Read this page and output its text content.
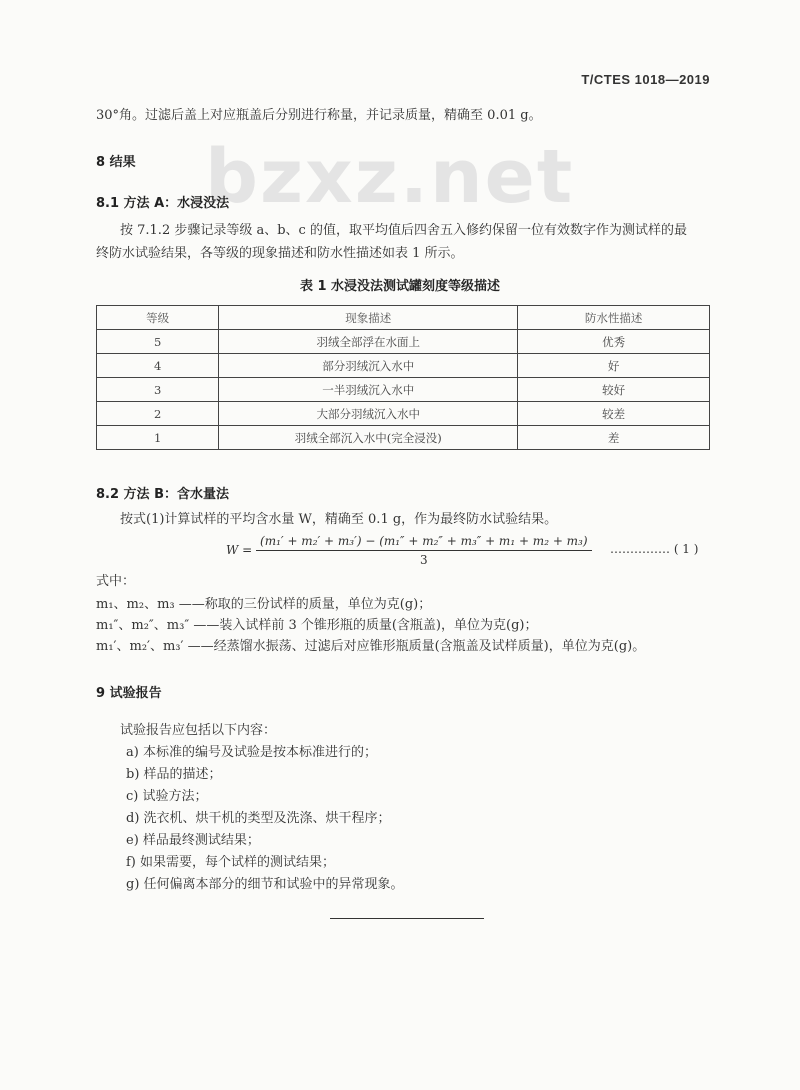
T/CTES 1018—2019
bzxz.net
30°角。过滤后盖上对应瓶盖后分别进行称量，并记录质量，精确至 0.01 g。
8 结果
8.1 方法 A：水浸没法
按 7.1.2 步骤记录等级 a、b、c 的值，取平均值后四舍五入修约保留一位有效数字作为测试样的最
终防水试验结果，各等级的现象描述和防水性描述如表 1 所示。
表 1 水浸没法测试罐刻度等级描述
等级	现象描述	防水性描述
5	羽绒全部浮在水面上	优秀
4	部分羽绒沉入水中	好
3	一半羽绒沉入水中	较好
2	大部分羽绒沉入水中	较差
1	羽绒全部沉入水中(完全浸没)	差
8.2 方法 B：含水量法
按式(1)计算试样的平均含水量 W，精确至 0.1 g，作为最终防水试验结果。
$W = \frac{\text{(m₁′ + m₂′ + m₃′) − (m₁″ + m₂″ + m₃″ + m₁ + m₂ + m₃)}}{3}$ …………… ( 1 )
式中：
m₁、m₂、m₃ ——称取的三份试样的质量，单位为克(g)；
m₁″、m₂″、m₃″ ——装入试样前 3 个锥形瓶的质量(含瓶盖)，单位为克(g)；
m₁′、m₂′、m₃′ ——经蒸馏水振荡、过滤后对应锥形瓶质量(含瓶盖及试样质量)，单位为克(g)。
9 试验报告
试验报告应包括以下内容：
a) 本标准的编号及试验是按本标准进行的；
b) 样品的描述；
c) 试验方法；
d) 洗衣机、烘干机的类型及洗涤、烘干程序；
e) 样品最终测试结果；
f) 如果需要，每个试样的测试结果；
g) 任何偏离本部分的细节和试验中的异常现象。
